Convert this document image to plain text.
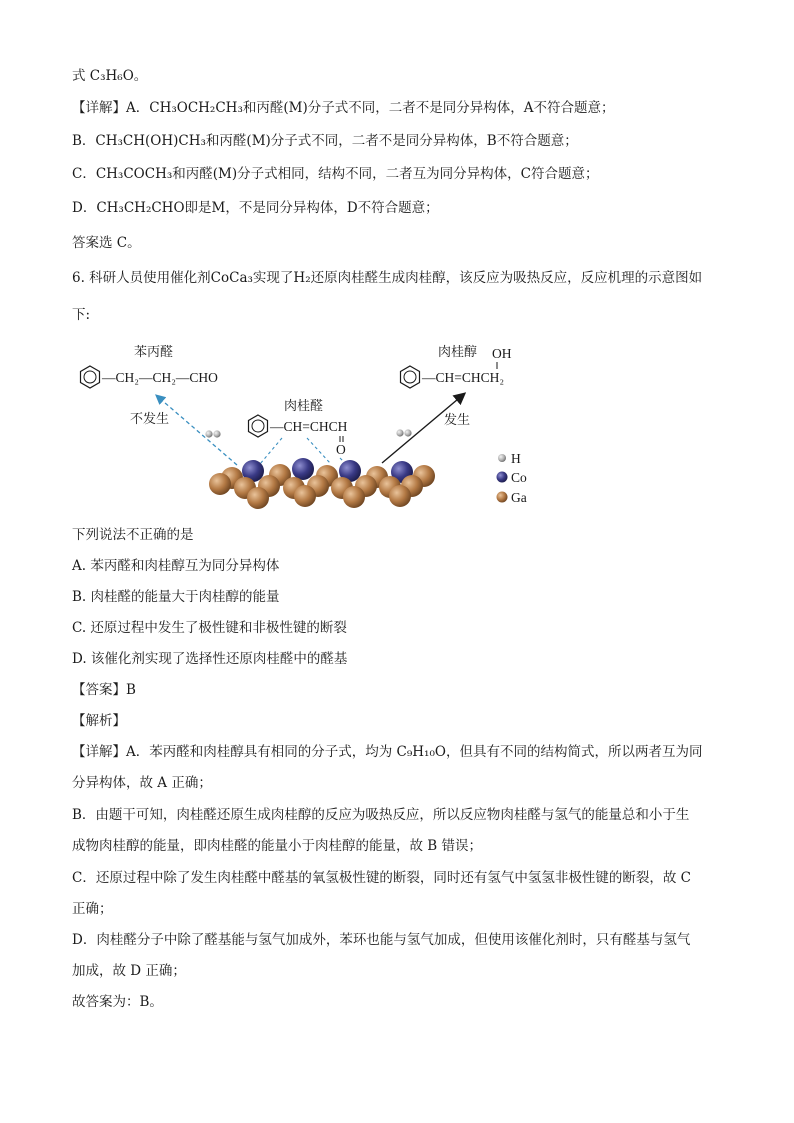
式 C₃H₆O。
【详解】A．CH₃OCH₂CH₃和丙醛(M)分子式不同，二者不是同分异构体，A不符合题意；
B．CH₃CH(OH)CH₃和丙醛(M)分子式不同，二者不是同分异构体，B不符合题意；
C．CH₃COCH₃和丙醛(M)分子式相同，结构不同，二者互为同分异构体，C符合题意；
D．CH₃CH₂CHO即是M，不是同分异构体，D不符合题意；
答案选 C。
6. 科研人员使用催化剂CoCa₃实现了H₂还原肉桂醛生成肉桂醇，该反应为吸热反应，反应机理的示意图如
下:
苯丙醛
—CH₂—CH₂—CHO
不发生
肉桂醛
—CH=CHCH
O
发生
肉桂醇 OH
—CH=CHCH₂
H
Co
Ga
下列说法不正确的是
A. 苯丙醛和肉桂醇互为同分异构体
B. 肉桂醛的能量大于肉桂醇的能量
C. 还原过程中发生了极性键和非极性键的断裂
D. 该催化剂实现了选择性还原肉桂醛中的醛基
【答案】B
【解析】
【详解】A．苯丙醛和肉桂醇具有相同的分子式，均为 C₉H₁₀O，但具有不同的结构简式，所以两者互为同
分异构体，故 A 正确；
B．由题干可知，肉桂醛还原生成肉桂醇的反应为吸热反应，所以反应物肉桂醛与氢气的能量总和小于生
成物肉桂醇的能量，即肉桂醛的能量小于肉桂醇的能量，故 B 错误；
C．还原过程中除了发生肉桂醛中醛基的氧氢极性键的断裂，同时还有氢气中氢氢非极性键的断裂，故 C
正确；
D．肉桂醛分子中除了醛基能与氢气加成外，苯环也能与氢气加成，但使用该催化剂时，只有醛基与氢气
加成，故 D 正确；
故答案为：B。
